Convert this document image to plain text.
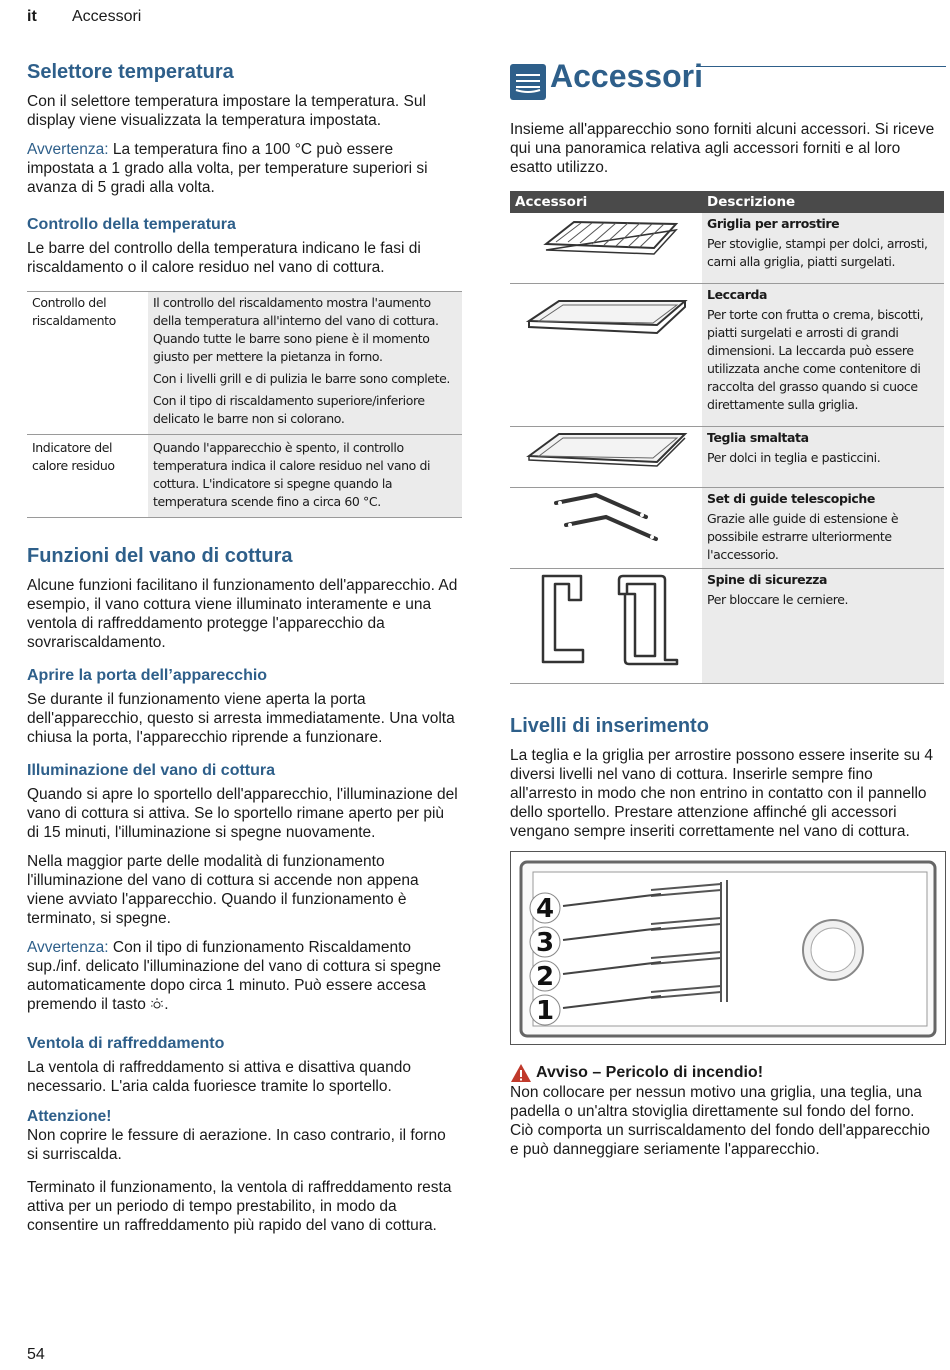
it Accessori
Selettore temperatura

Con il selettore temperatura impostare la temperatura. Sul display viene visualizzata la temperatura impostata.

Avvertenza: La temperatura fino a 100 °C può essere impostata a 1 grado alla volta, per temperature superiori si avanza di 5 gradi alla volta.

Controllo della temperatura

Le barre del controllo della temperatura indicano le fasi di riscaldamento o il calore residuo nel vano di cottura.

Controllo del riscaldamento	Il controllo del riscaldamento mostra l'aumento della temperatura all'interno del vano di cottura. Quando tutte le barre sono piene è il momento giusto per mettere la pietanza in forno.

Con i livelli grill e di pulizia le barre sono complete.

Con il tipo di riscaldamento superiore/inferiore delicato le barre non si colorano.

Indicatore del calore residuo	Quando l'apparecchio è spento, il controllo temperatura indica il calore residuo nel vano di cottura. L'indicatore si spegne quando la temperatura scende fino a circa 60 °C.

Funzioni del vano di cottura

Alcune funzioni facilitano il funzionamento dell'apparecchio. Ad esempio, il vano cottura viene illuminato interamente e una ventola di raffreddamento protegge l'apparecchio da sovrariscaldamento.

Aprire la porta dell’apparecchio

Se durante il funzionamento viene aperta la porta dell'apparecchio, questo si arresta immediatamente. Una volta chiusa la porta, l'apparecchio riprende a funzionare.

Illuminazione del vano di cottura

Quando si apre lo sportello dell'apparecchio, l'illuminazione del vano di cottura si attiva. Se lo sportello rimane aperto per più di 15 minuti, l'illuminazione si spegne nuovamente.

Nella maggior parte delle modalità di funzionamento l'illuminazione del vano di cottura si accende non appena viene avviato l'apparecchio. Quando il funzionamento è terminato, si spegne.

Avvertenza: Con il tipo di funzionamento Riscaldamento sup./inf. delicato l'illuminazione del vano di cottura si spegne automaticamente dopo circa 1 minuto. Può essere accesa premendo il tasto .

Ventola di raffreddamento

La ventola di raffreddamento si attiva e disattiva quando necessario. L'aria calda fuoriesce tramite lo sportello.

Attenzione!

Non coprire le fessure di aerazione. In caso contrario, il forno si surriscalda.

Terminato il funzionamento, la ventola di raffreddamento resta attiva per un periodo di tempo prestabilito, in modo da consentire un raffreddamento più rapido del vano di cottura.

Accessori

Insieme all'apparecchio sono forniti alcuni accessori. Si riceve qui una panoramica relativa agli accessori forniti e al loro esatto utilizzo.

Accessori	Descrizione

Griglia per arrostire
Per stoviglie, stampi per dolci, arrosti, carni alla griglia, piatti surgelati.

Leccarda
Per torte con frutta o crema, biscotti, piatti surgelati e arrosti di grandi dimensioni. La leccarda può essere utilizzata anche come contenitore di raccolta del grasso quando si cuoce direttamente sulla griglia.

Teglia smaltata
Per dolci in teglia e pasticcini.

Set di guide telescopiche
Grazie alle guide di estensione è possibile estrarre ulteriormente l'accessorio.

Spine di sicurezza
Per bloccare le cerniere.
Livelli di inserimento

La teglia e la griglia per arrostire possono essere inserite su 4 diversi livelli nel vano di cottura. Inserirle sempre fino all'arresto in modo che non entrino in contatto con il pannello dello sportello. Prestare attenzione affinché gli accessori vengano sempre inseriti correttamente nel vano di cottura.

4
3
2
1
Avviso – Pericolo di incendio!

Non collocare per nessun motivo una griglia, una teglia, una padella o un'altra stoviglia direttamente sul fondo del forno. Ciò comporta un surriscaldamento del fondo dell'apparecchio e può danneggiare seriamente l'apparecchio.

54
